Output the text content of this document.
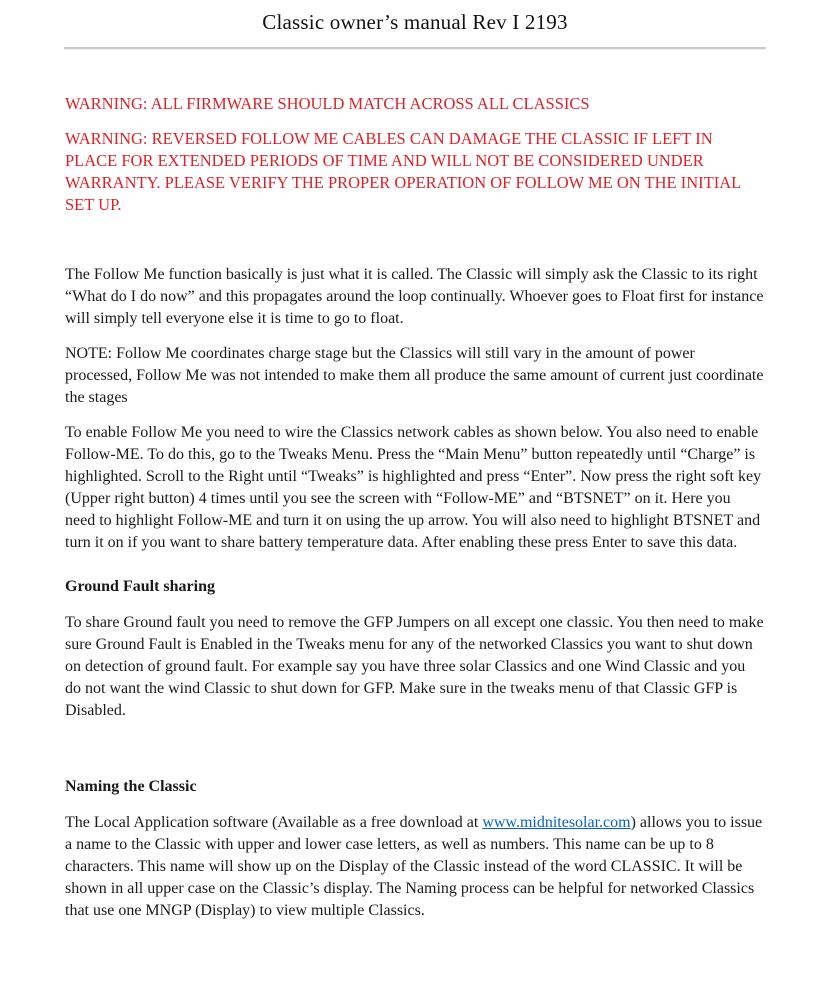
Classic owner’s manual Rev I 2193

WARNING: ALL FIRMWARE SHOULD MATCH ACROSS ALL CLASSICS

WARNING: REVERSED FOLLOW ME CABLES CAN DAMAGE THE CLASSIC IF LEFT IN PLACE FOR EXTENDED PERIODS OF TIME AND WILL NOT BE CONSIDERED UNDER WARRANTY. PLEASE VERIFY THE PROPER OPERATION OF FOLLOW ME ON THE INITIAL SET UP.

The Follow Me function basically is just what it is called. The Classic will simply ask the Classic to its right “What do I do now” and this propagates around the loop continually. Whoever goes to Float first for instance will simply tell everyone else it is time to go to float.

NOTE: Follow Me coordinates charge stage but the Classics will still vary in the amount of power processed, Follow Me was not intended to make them all produce the same amount of current just coordinate the stages

To enable Follow Me you need to wire the Classics network cables as shown below. You also need to enable Follow-ME. To do this, go to the Tweaks Menu. Press the “Main Menu” button repeatedly until “Charge” is highlighted. Scroll to the Right until “Tweaks” is highlighted and press “Enter”. Now press the right soft key (Upper right button) 4 times until you see the screen with “Follow-ME” and “BTSNET” on it. Here you need to highlight Follow-ME and turn it on using the up arrow. You will also need to highlight BTSNET and turn it on if you want to share battery temperature data. After enabling these press Enter to save this data.

Ground Fault sharing

To share Ground fault you need to remove the GFP Jumpers on all except one classic. You then need to make sure Ground Fault is Enabled in the Tweaks menu for any of the networked Classics you want to shut down on detection of ground fault. For example say you have three solar Classics and one Wind Classic and you do not want the wind Classic to shut down for GFP. Make sure in the tweaks menu of that Classic GFP is Disabled.

Naming the Classic

The Local Application software (Available as a free download at www.midnitesolar.com) allows you to issue a name to the Classic with upper and lower case letters, as well as numbers. This name can be up to 8 characters. This name will show up on the Display of the Classic instead of the word CLASSIC. It will be shown in all upper case on the Classic’s display. The Naming process can be helpful for networked Classics that use one MNGP (Display) to view multiple Classics.
